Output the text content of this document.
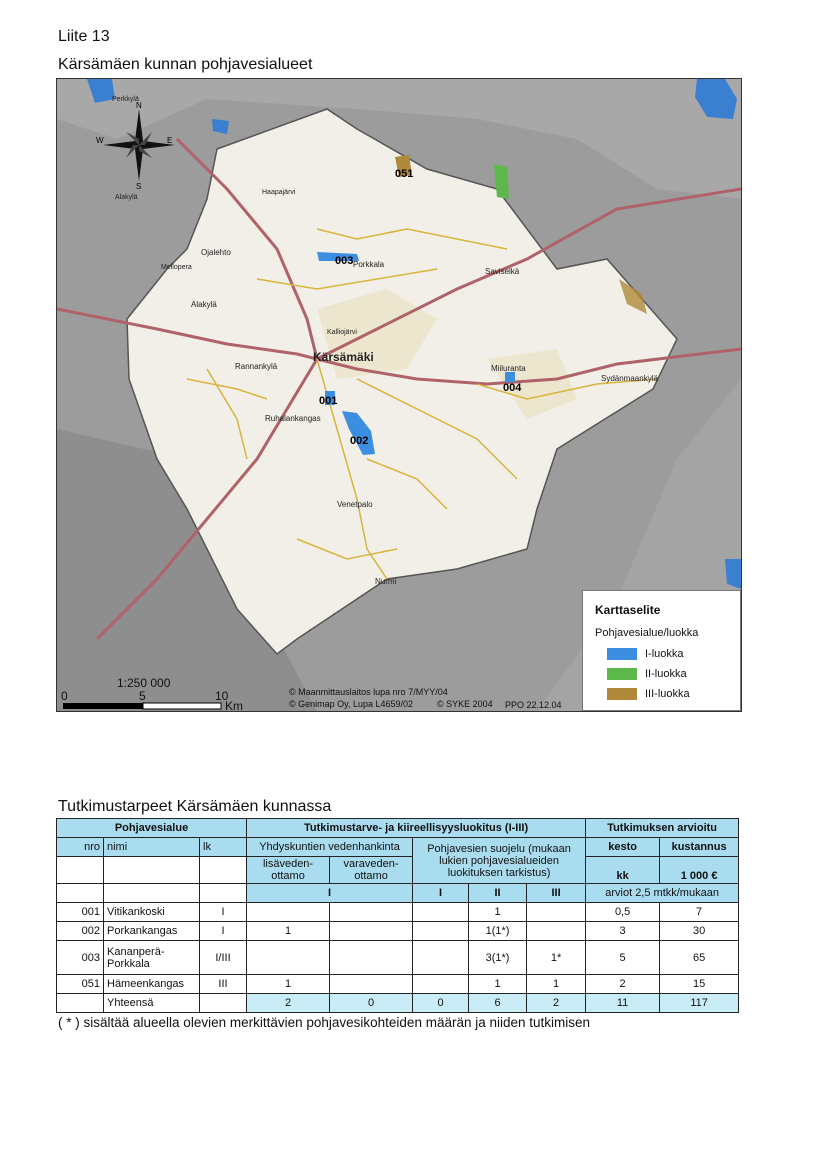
Liite 13
Kärsämäen kunnan pohjavesialueet
003
051
001
002
004
Kärsämäki
Porkkala
Saviselkä
Miiluranta
Sydänmaankylä
Ruhalankangas
Venetpalo
Rannankylä
Ojalehto
Alakylä
Nurmi
Mellopera
Perkkylä
Alakylä
Haapajärvi
Kalliojärvi
N
S
E
W
1:250 000
0	5	10
Km
© Maanmittauslaitos lupa nro 7/MYY/04
© Genimap Oy, Lupa L4659/02	© SYKE 2004 PPO 22.12.04
Karttaselite
Pohjavesialue/luokka
I-luokka
II-luokka
III-luokka
Tutkimustarpeet Kärsämäen kunnassa
Pohjavesialue			Tutkimustarve- ja kiireellisyysluokitus (I-III)					Tutkimuksen arvioitu	
nro	nimi	lk	Yhdyskuntien vedenhankinta		Pohjavesien suojelu (mukaan lukien pohjavesialueiden luokituksen tarkistus)			kesto	kustannus
			lisäveden-ottamo	varaveden-ottamo				kk	1 000 €
			I		I	II	III	arviot 2,5 mtkk/mukaan	
001	Vitikankoski	I				1		0,5	7
002	Porkankangas	I	1			1(1*)		3	30
003	Kananperä-Porkkala	I/III				3(1*)	1*	5	65
051	Hämeenkangas	III	1			1	1	2	15
	Yhteensä		2	0	0	6	2	11	117
( * ) sisältää alueella olevien merkittävien pohjavesikohteiden määrän ja niiden tutkimisen
